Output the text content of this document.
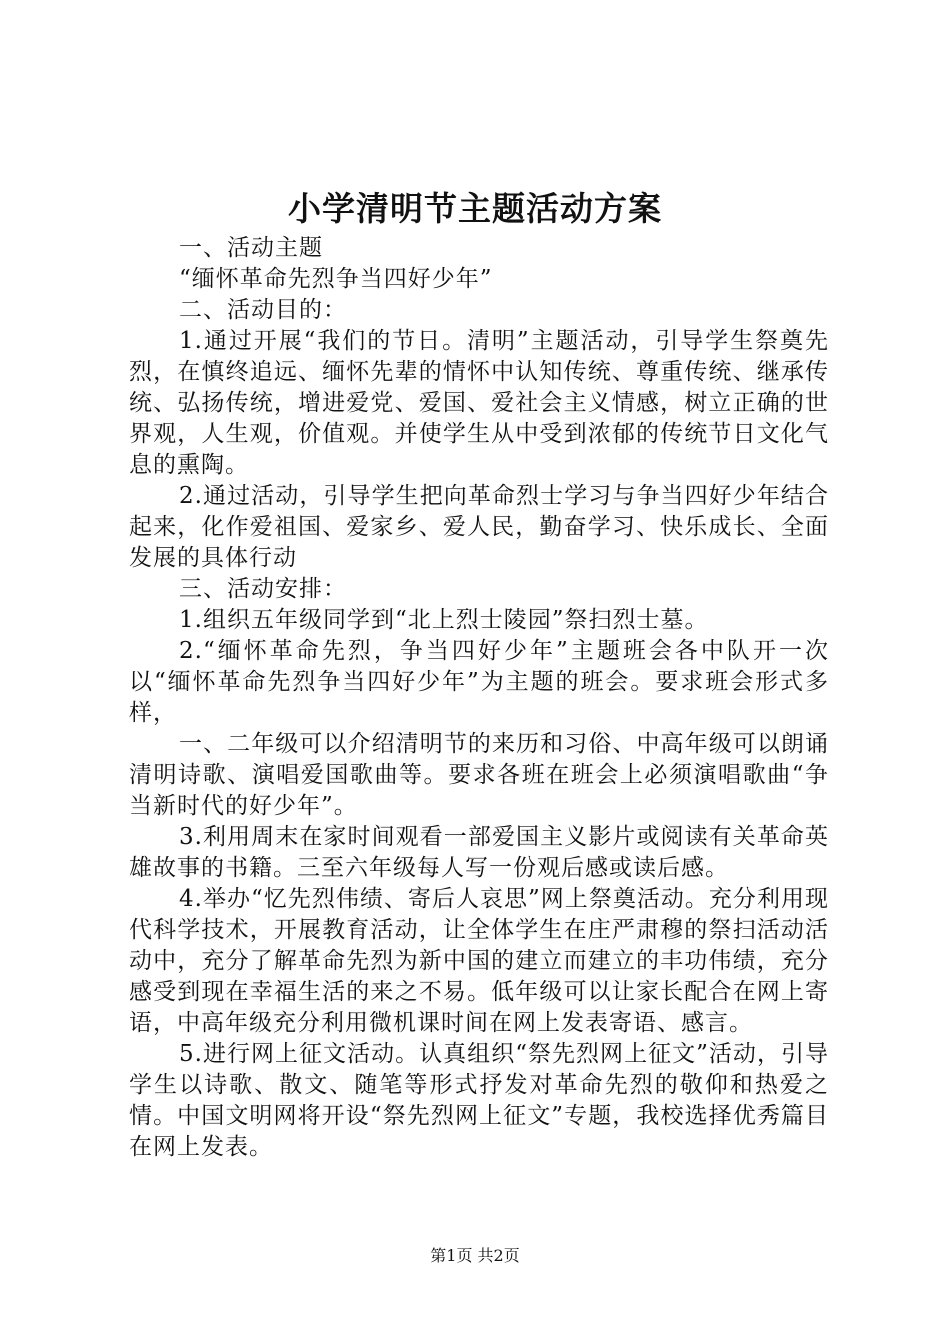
小学清明节主题活动方案

一、活动主题

“缅怀革命先烈争当四好少年”

二、活动目的：

1.通过开展“我们的节日。清明”主题活动，引导学生祭奠先烈，在慎终追远、缅怀先辈的情怀中认知传统、尊重传统、继承传统、弘扬传统，增进爱党、爱国、爱社会主义情感，树立正确的世界观，人生观，价值观。并使学生从中受到浓郁的传统节日文化气息的熏陶。

2.通过活动，引导学生把向革命烈士学习与争当四好少年结合起来，化作爱祖国、爱家乡、爱人民，勤奋学习、快乐成长、全面发展的具体行动

三、活动安排：

1.组织五年级同学到“北上烈士陵园”祭扫烈士墓。

2.“缅怀革命先烈，争当四好少年”主题班会各中队开一次以“缅怀革命先烈争当四好少年”为主题的班会。要求班会形式多样，

一、二年级可以介绍清明节的来历和习俗、中高年级可以朗诵清明诗歌、演唱爱国歌曲等。要求各班在班会上必须演唱歌曲“争当新时代的好少年”。

3.利用周末在家时间观看一部爱国主义影片或阅读有关革命英雄故事的书籍。三至六年级每人写一份观后感或读后感。

4.举办“忆先烈伟绩、寄后人哀思”网上祭奠活动。充分利用现代科学技术，开展教育活动，让全体学生在庄严肃穆的祭扫活动活动中，充分了解革命先烈为新中国的建立而建立的丰功伟绩，充分感受到现在幸福生活的来之不易。低年级可以让家长配合在网上寄语，中高年级充分利用微机课时间在网上发表寄语、感言。

5.进行网上征文活动。认真组织“祭先烈网上征文”活动，引导学生以诗歌、散文、随笔等形式抒发对革命先烈的敬仰和热爱之情。中国文明网将开设“祭先烈网上征文”专题，我校选择优秀篇目在网上发表。

第1页 共2页
